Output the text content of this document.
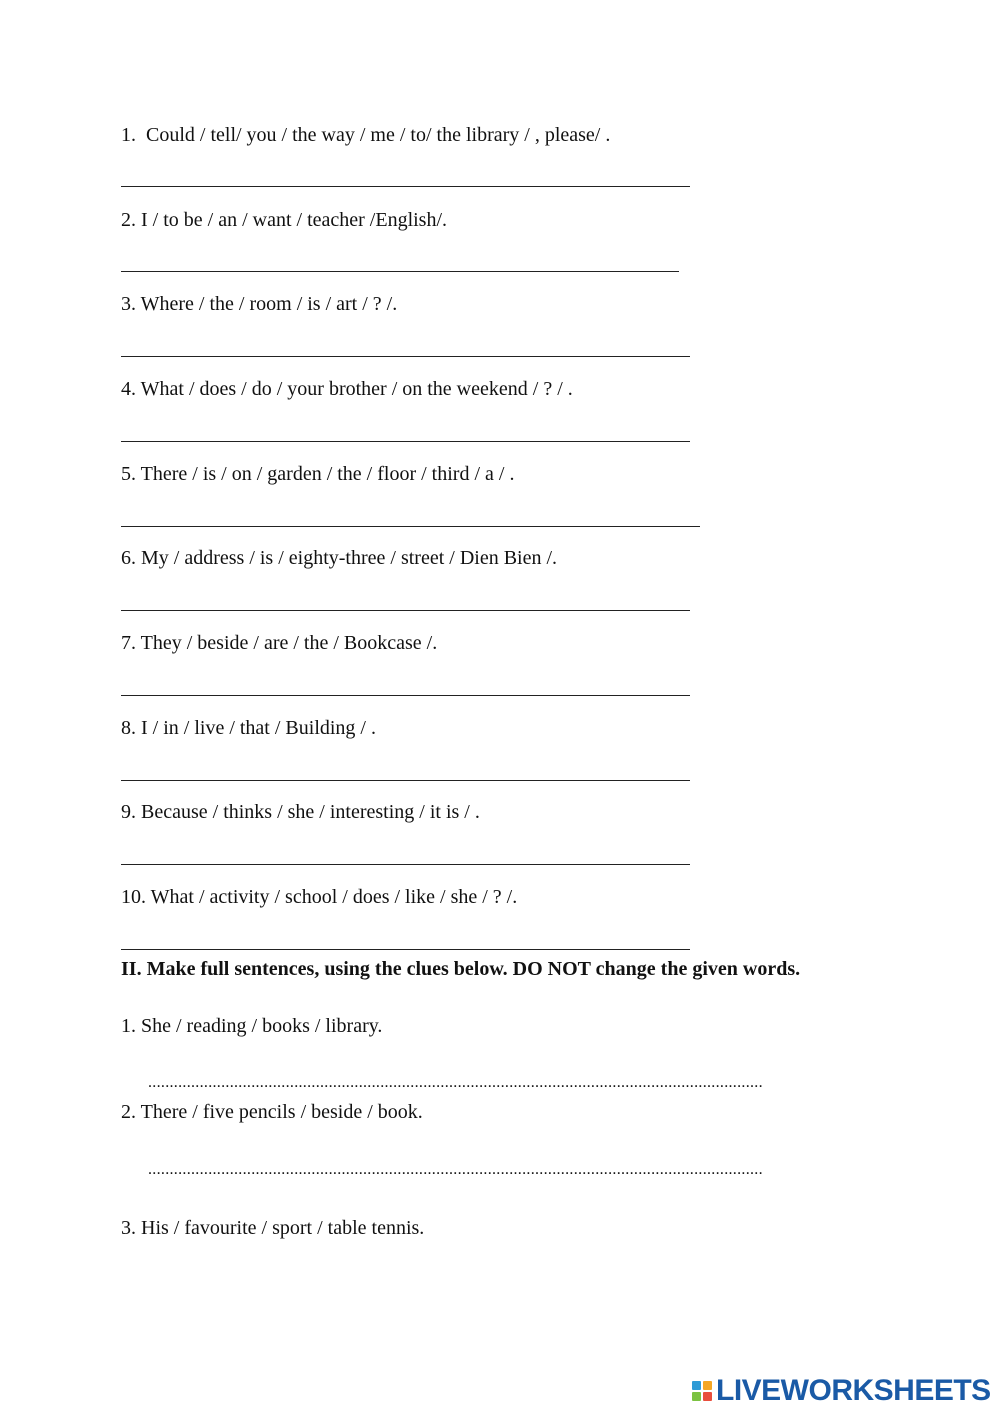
1.  Could / tell/ you / the way / me / to/ the library / , please/ .
2. I / to be / an / want / teacher /English/.
3. Where / the / room / is / art / ? /.
4. What / does / do / your brother / on the weekend / ? / .
5. There / is / on / garden / the / floor / third / a / .
6. My / address / is / eighty-three / street / Dien Bien /.
7. They / beside / are / the / Bookcase /.
8. I / in / live / that / Building / .
9. Because / thinks / she / interesting / it is / .
10. What / activity / school / does / like / she / ? /.
II. Make full sentences, using the clues below. DO NOT change the given words.
1. She / reading / books / library.
...............................................................................................................................................
2. There / five pencils / beside / book.
...............................................................................................................................................
3. His / favourite / sport / table tennis.
LIVEWORKSHEETS
